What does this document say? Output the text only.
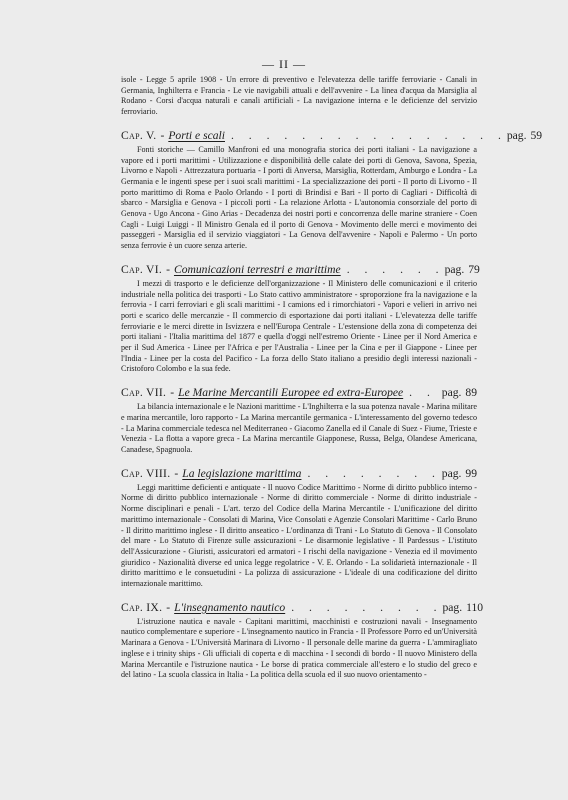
— II —

isole - Legge 5 aprile 1908 - Un errore di preventivo e l'elevatezza delle tariffe ferroviarie - Canali in Germania, Inghilterra e Francia - Le vie navigabili attuali e dell'avvenire - La linea d'acqua da Marsiglia al Rodano - Corsi d'acqua naturali e canali artificiali - La navigazione interna e le deficienze del servizio ferroviario.

Cap. V. - Porti e scali . . . . . . . . . . . . . . . . pag. 59

Fonti storiche — Camillo Manfroni ed una monografia storica dei porti italiani - La navigazione a vapore ed i porti marittimi - Utilizzazione e disponibilità delle calate dei porti di Genova, Savona, Spezia, Livorno e Napoli - Attrezzatura portuaria - I porti di Anversa, Marsiglia, Rotterdam, Amburgo e Londra - La Germania e le ingenti spese per i suoi scali marittimi - La specializzazione dei porti - Il porto di Livorno - Il porto marittimo di Roma e Paolo Orlando - I porti di Brindisi e Bari - Il porto di Cagliari - Difficoltà di sbarco - Marsiglia e Genova - I piccoli porti - La relazione Arlotta - L'autonomia consorziale del porto di Genova - Ugo Ancona - Gino Arias - Decadenza dei nostri porti e concorrenza delle marine straniere - Coen Cagli - Luigi Luiggi - Il Ministro Genala ed il porto di Genova - Movimento delle merci e movimento dei passeggeri - Marsiglia ed il servizio viaggiatori - La Genova dell'avvenire - Napoli e Palermo - Un porto senza ferrovie è un cuore senza arterie.

Cap. VI. - Comunicazioni terrestri e marittime . . . . . . pag. 79

I mezzi di trasporto e le deficienze dell'organizzazione - Il Ministero delle comunicazioni e il criterio industriale nella politica dei trasporti - Lo Stato cattivo amministratore - sproporzione fra la navigazione e la ferrovia - I carri ferroviari e gli scali marittimi - I camions ed i rimorchiatori - Vapori e velieri in arrivo nei porti e scarico delle mercanzie - Il commercio di esportazione dai porti italiani - L'elevatezza delle tariffe ferroviarie e le merci dirette in Isvizzera e nell'Europa Centrale - L'estensione della zona di competenza dei porti italiani - l'Italia marittima del 1877 e quella d'oggi nell'estremo Oriente - Linee per il Nord America e per il Sud America - Linee per l'Africa e per l'Australia - Linee per la Cina e per il Giappone - Linee per l'India - Linee per la costa del Pacifico - La forza dello Stato italiano a presidio degli interessi nazionali - Cristoforo Colombo e la sua fede.

Cap. VII. - Le Marine Mercantili Europee ed extra-Europee . . pag. 89

La bilancia internazionale e le Nazioni marittime - L'Inghilterra e la sua potenza navale - Marina militare e marina mercantile, loro rapporto - La Marina mercantile germanica - L'interessamento del governo tedesco - La Marina commerciale tedesca nel Mediterraneo - Giacomo Zanella ed il Canale di Suez - Fiume, Trieste e Venezia - La flotta a vapore greca - La Marina mercantile Giapponese, Russa, Belga, Olandese Americana, Canadese, Spagnuola.

Cap. VIII. - La legislazione marittima . . . . . . . . pag. 99

Leggi marittime deficienti e antiquate - Il nuovo Codice Marittimo - Norme di diritto pubblico interno - Norme di diritto pubblico internazionale - Norme di diritto commerciale - Norme di diritto industriale - Norme disciplinari e penali - L'art. terzo del Codice della Marina Mercantile - L'unificazione del diritto marittimo internazionale - Consolati di Marina, Vice Consolati e Agenzie Consolari Marittime - Carlo Bruno - Il diritto marittimo inglese - Il diritto anseatico - L'ordinanza di Trani - Lo Statuto di Genova - Il Consolato del mare - Lo Statuto di Firenze sulle assicurazioni - Le disarmonie legislative - Il Pardessus - L'istituto dell'Assicurazione - Giuristi, assicuratori ed armatori - I rischi della navigazione - Venezia ed il movimento giuridico - Nazionalità diverse ed unica legge regolatrice - V. E. Orlando - La solidarietà internazionale - Il diritto marittimo e le consuetudini - La polizza di assicurazione - L'ideale di una codificazione del diritto internazionale marittimo.

Cap. IX. - L'insegnamento nautico . . . . . . . . . pag. 110

L'istruzione nautica e navale - Capitani marittimi, macchinisti e costruzioni navali - Insegnamento nautico complementare e superiore - L'insegnamento nautico in Francia - Il Professore Porro ed un'Università Marinara a Genova - L'Università Marinara di Livorno - Il personale delle marine da guerra - L'ammiragliato inglese e i trinity ships - Gli ufficiali di coperta e di macchina - I secondi di bordo - Il nuovo Ministero della Marina Mercantile e l'istruzione nautica - Le borse di pratica commerciale all'estero e lo studio del greco e del latino - La scuola classica in Italia - La politica della scuola ed il suo nuovo orientamento -
